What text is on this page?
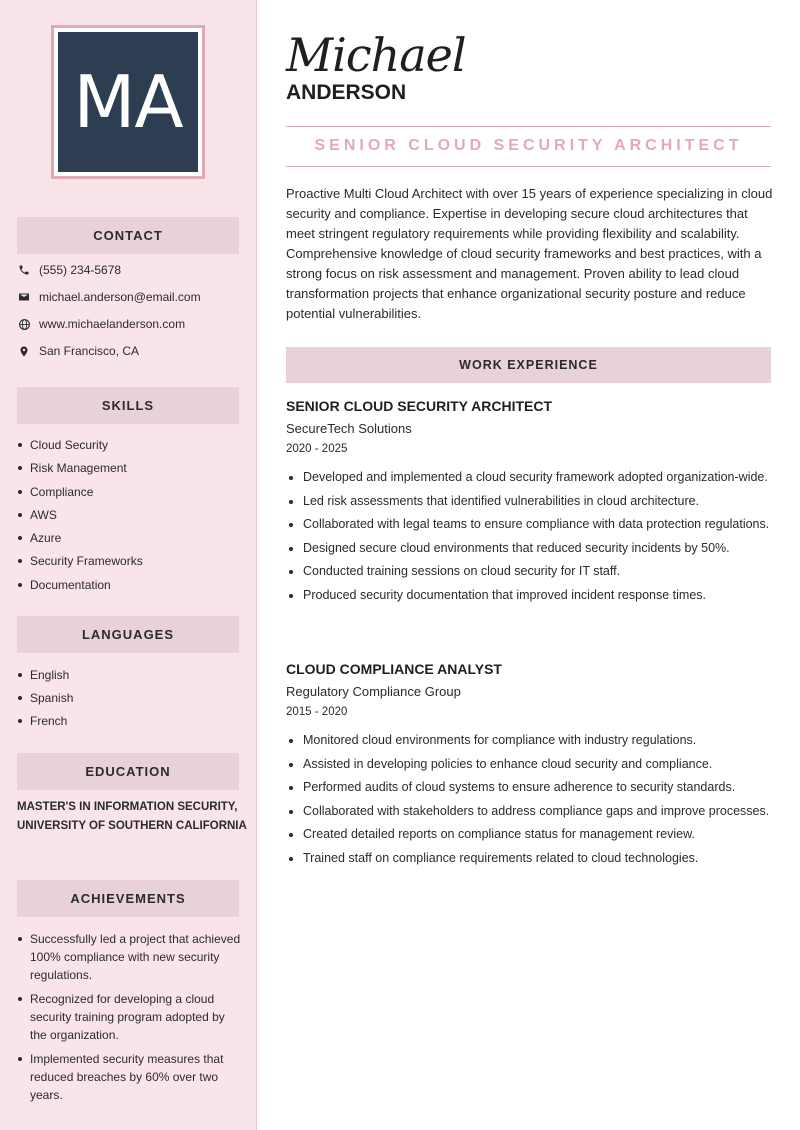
MA
CONTACT
(555) 234-5678
michael.anderson@email.com
www.michaelanderson.com
San Francisco, CA
SKILLS
Cloud Security
Risk Management
Compliance
AWS
Azure
Security Frameworks
Documentation
LANGUAGES
English
Spanish
French
EDUCATION
MASTER'S IN INFORMATION SECURITY, UNIVERSITY OF SOUTHERN CALIFORNIA
ACHIEVEMENTS
Successfully led a project that achieved 100% compliance with new security regulations.
Recognized for developing a cloud security training program adopted by the organization.
Implemented security measures that reduced breaches by 60% over two years.
Michael
ANDERSON
SENIOR CLOUD SECURITY ARCHITECT
Proactive Multi Cloud Architect with over 15 years of experience specializing in cloud security and compliance. Expertise in developing secure cloud architectures that meet stringent regulatory requirements while providing flexibility and scalability. Comprehensive knowledge of cloud security frameworks and best practices, with a strong focus on risk assessment and management. Proven ability to lead cloud transformation projects that enhance organizational security posture and reduce potential vulnerabilities.
WORK EXPERIENCE
SENIOR CLOUD SECURITY ARCHITECT
SecureTech Solutions
2020 - 2025
Developed and implemented a cloud security framework adopted organization-wide.
Led risk assessments that identified vulnerabilities in cloud architecture.
Collaborated with legal teams to ensure compliance with data protection regulations.
Designed secure cloud environments that reduced security incidents by 50%.
Conducted training sessions on cloud security for IT staff.
Produced security documentation that improved incident response times.
CLOUD COMPLIANCE ANALYST
Regulatory Compliance Group
2015 - 2020
Monitored cloud environments for compliance with industry regulations.
Assisted in developing policies to enhance cloud security and compliance.
Performed audits of cloud systems to ensure adherence to security standards.
Collaborated with stakeholders to address compliance gaps and improve processes.
Created detailed reports on compliance status for management review.
Trained staff on compliance requirements related to cloud technologies.
